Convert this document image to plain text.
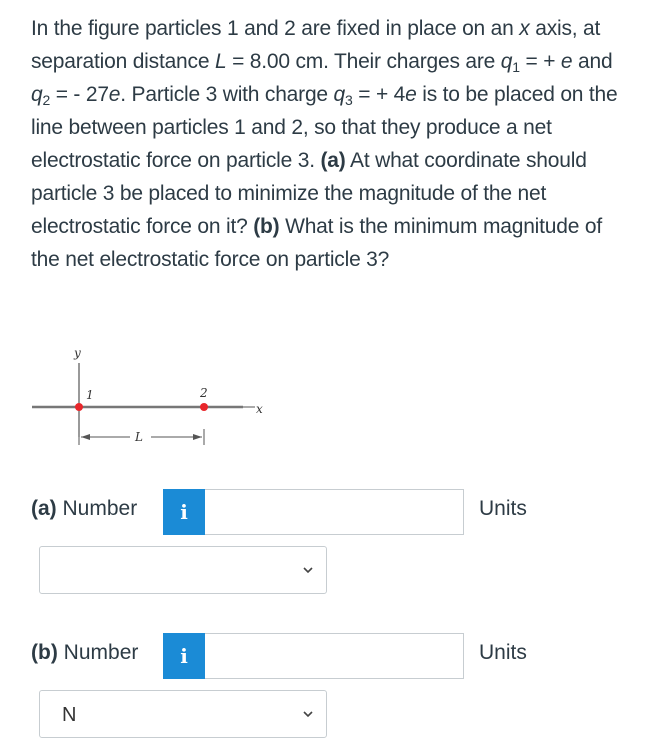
In the figure particles 1 and 2 are fixed in place on an x axis, at separation distance L = 8.00 cm. Their charges are $q_1$ = + e and $q_2$ = - 27e. Particle 3 with charge $q_3$ = + 4e is to be placed on the line between particles 1 and 2, so that they produce a net electrostatic force on particle 3. (a) At what coordinate should particle 3 be placed to minimize the magnitude of the net electrostatic force on it? (b) What is the minimum magnitude of the net electrostatic force on particle 3?

y
x
1	2
L
(a) Number	i	Units
(b) Number	i	Units
N
